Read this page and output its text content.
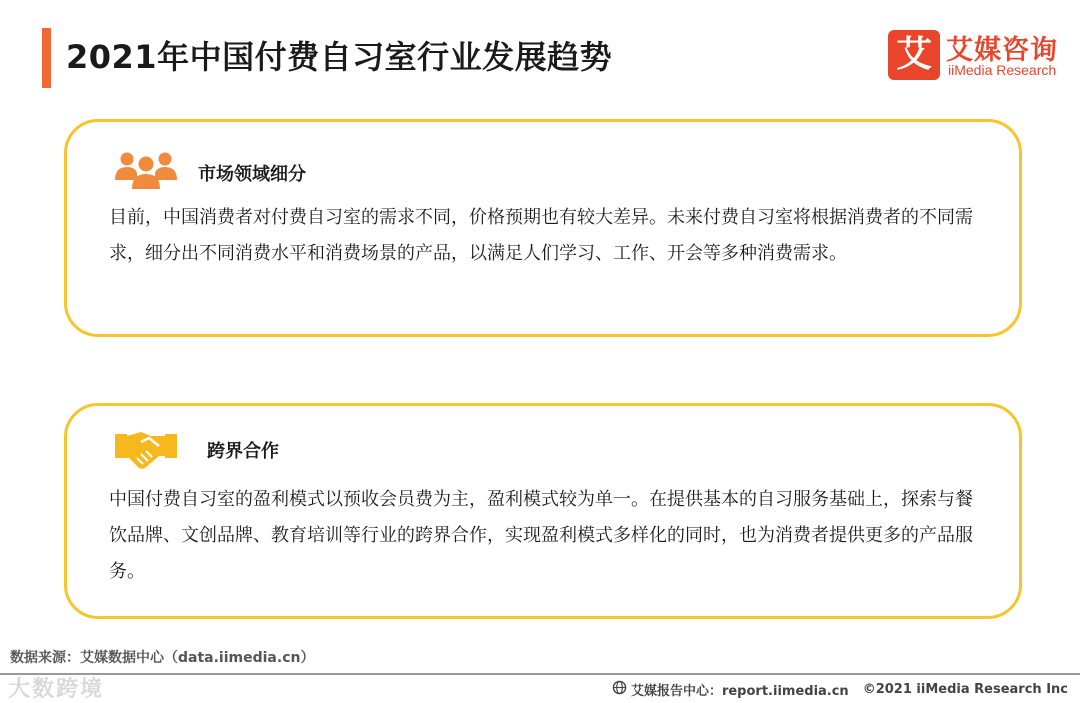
2021年中国付费自习室行业发展趋势	艾 艾媒咨询
iiMedia Research
市场领域细分
目前，中国消费者对付费自习室的需求不同，价格预期也有较大差异。未来付费自习室将根据消费者的不同需求，细分出不同消费水平和消费场景的产品，以满足人们学习、工作、开会等多种消费需求。
跨界合作
中国付费自习室的盈利模式以预收会员费为主，盈利模式较为单一。在提供基本的自习服务基础上，探索与餐饮品牌、文创品牌、教育培训等行业的跨界合作，实现盈利模式多样化的同时，也为消费者提供更多的产品服务。
数据来源：艾媒数据中心（data.iimedia.cn）
大数跨境	艾媒报告中心：report.iimedia.cn ©2021 iiMedia Research Inc
